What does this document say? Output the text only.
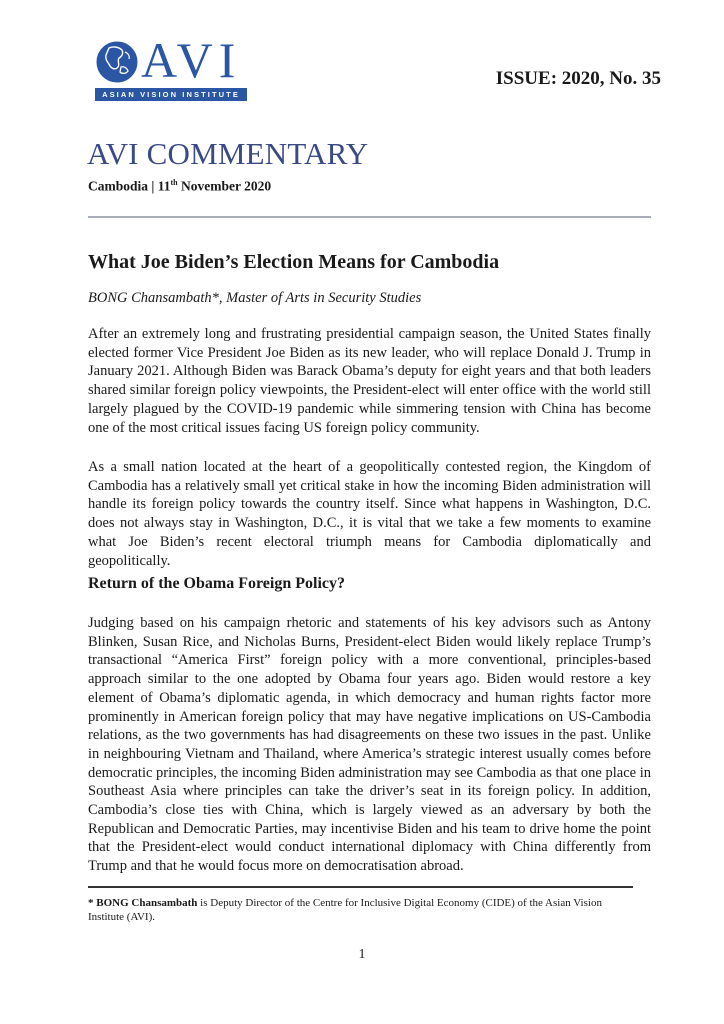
AVI
ASIAN VISION INSTITUTE
ISSUE: 2020, No. 35
AVI COMMENTARY
Cambodia | 11th November 2020
What Joe Biden’s Election Means for Cambodia
BONG Chansambath*, Master of Arts in Security Studies
After an extremely long and frustrating presidential campaign season, the United States finally elected former Vice President Joe Biden as its new leader, who will replace Donald J. Trump in January 2021. Although Biden was Barack Obama’s deputy for eight years and that both leaders shared similar foreign policy viewpoints, the President-elect will enter office with the world still largely plagued by the COVID-19 pandemic while simmering tension with China has become one of the most critical issues facing US foreign policy community.
As a small nation located at the heart of a geopolitically contested region, the Kingdom of Cambodia has a relatively small yet critical stake in how the incoming Biden administration will handle its foreign policy towards the country itself. Since what happens in Washington, D.C. does not always stay in Washington, D.C., it is vital that we take a few moments to examine what Joe Biden’s recent electoral triumph means for Cambodia diplomatically and geopolitically.
Return of the Obama Foreign Policy?
Judging based on his campaign rhetoric and statements of his key advisors such as Antony Blinken, Susan Rice, and Nicholas Burns, President-elect Biden would likely replace Trump’s transactional “America First” foreign policy with a more conventional, principles-based approach similar to the one adopted by Obama four years ago. Biden would restore a key element of Obama’s diplomatic agenda, in which democracy and human rights factor more prominently in American foreign policy that may have negative implications on US-Cambodia relations, as the two governments has had disagreements on these two issues in the past. Unlike in neighbouring Vietnam and Thailand, where America’s strategic interest usually comes before democratic principles, the incoming Biden administration may see Cambodia as that one place in Southeast Asia where principles can take the driver’s seat in its foreign policy. In addition, Cambodia’s close ties with China, which is largely viewed as an adversary by both the Republican and Democratic Parties, may incentivise Biden and his team to drive home the point that the President-elect would conduct international diplomacy with China differently from Trump and that he would focus more on democratisation abroad.
* BONG Chansambath is Deputy Director of the Centre for Inclusive Digital Economy (CIDE) of the Asian Vision Institute (AVI).
1
